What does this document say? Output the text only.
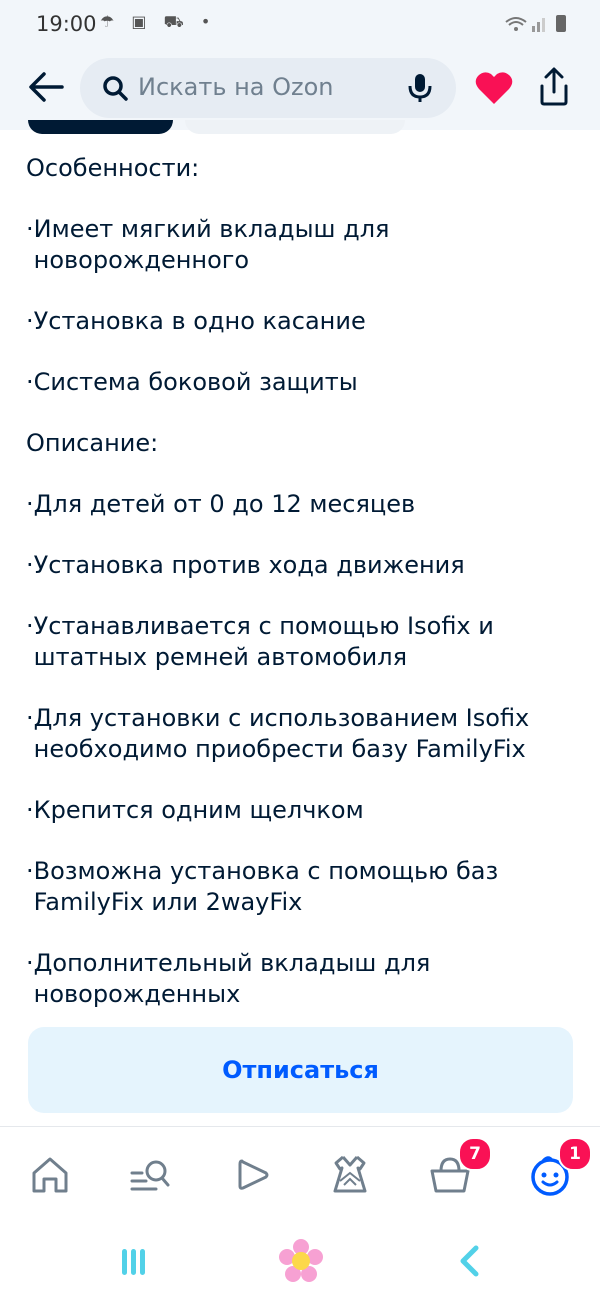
19:00 ☂ ▣ ⛟ •
Искать на Ozon
Особенности:
·Имеет мягкий вкладыш для
новорожденного
·Установка в одно касание
·Система боковой защиты
Описание:
·Для детей от 0 до 12 месяцев
·Установка против хода движения
·Устанавливается с помощью Isofix и
штатных ремней автомобиля
·Для установки с использованием Isofix
необходимо приобрести базу FamilyFix
·Крепится одним щелчком
·Возможна установка с помощью баз
FamilyFix или 2wayFix
·Дополнительный вкладыш для
новорожденных
Отписаться
7	1
